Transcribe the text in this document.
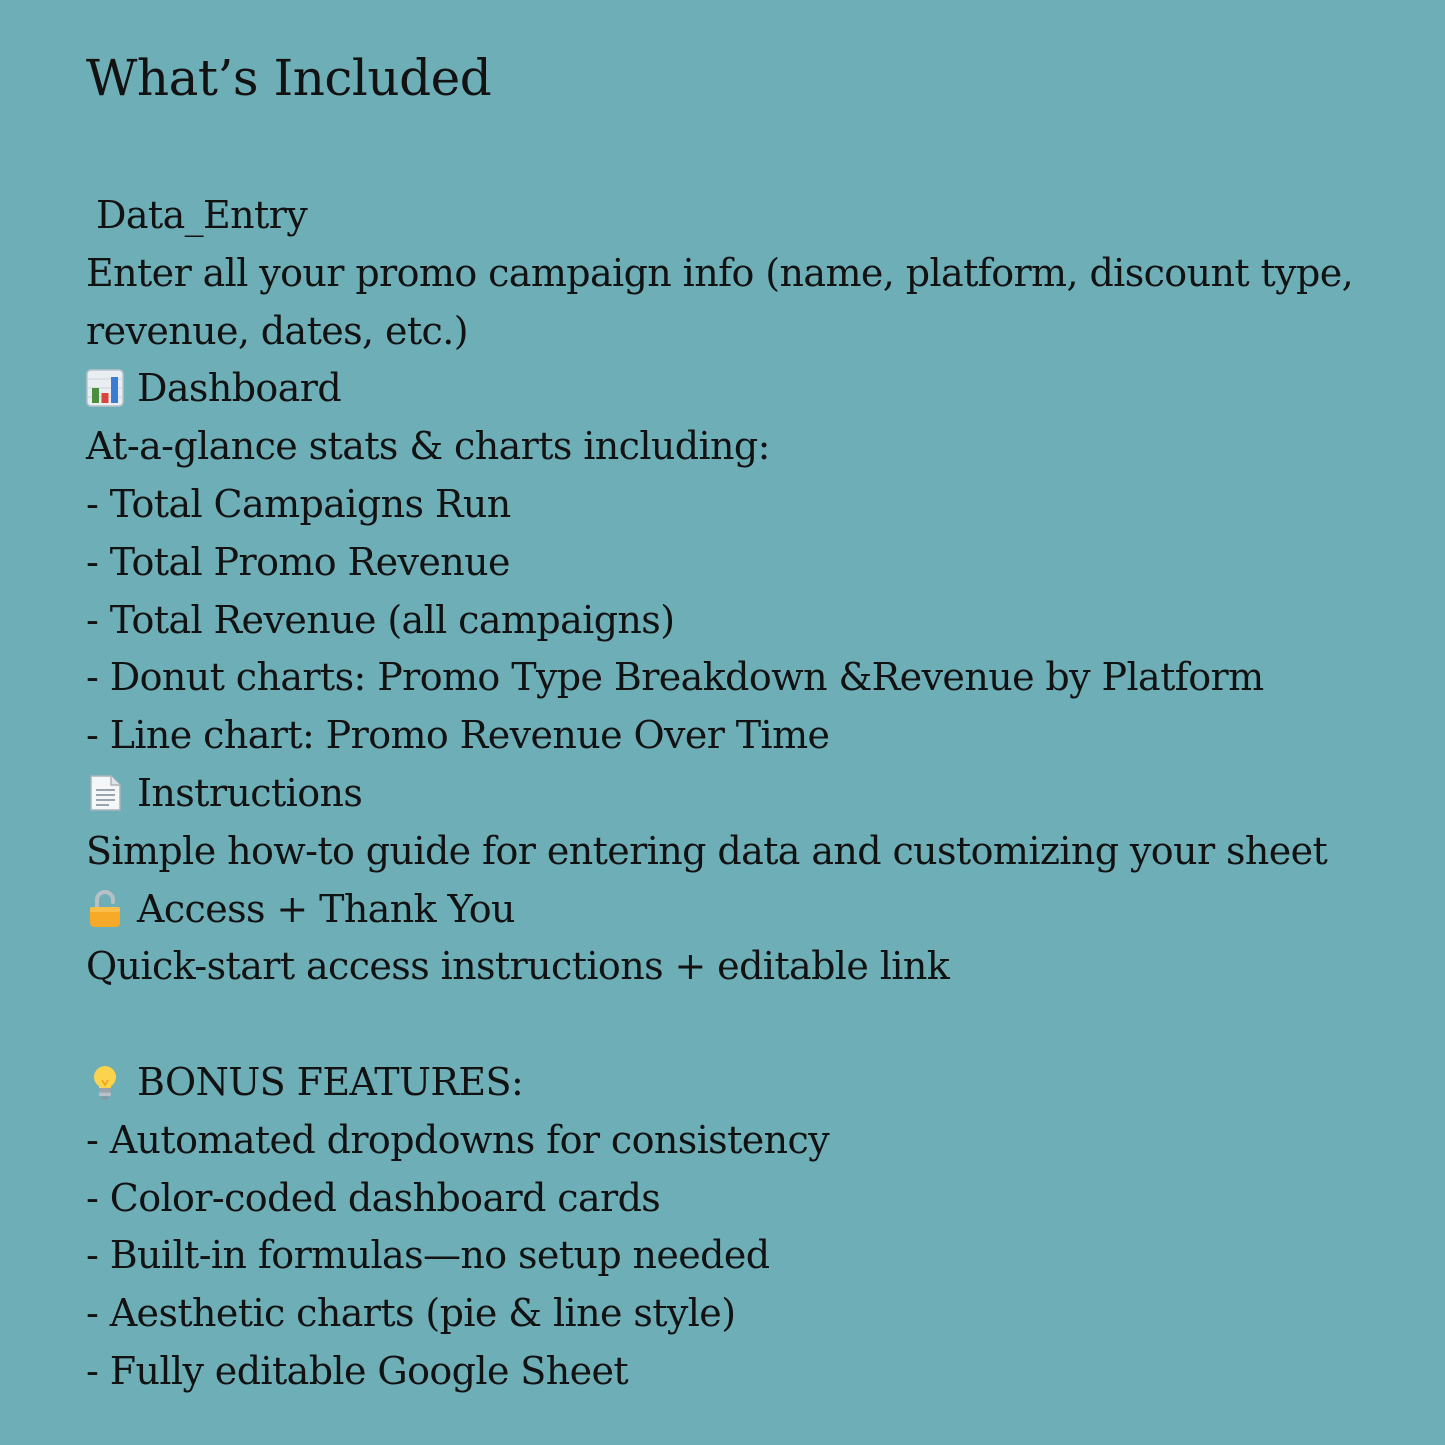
What’s Included
Data_Entry
Enter all your promo campaign info (name, platform, discount type,
revenue, dates, etc.)
Dashboard
At-a-glance stats & charts including:
- Total Campaigns Run
- Total Promo Revenue
- Total Revenue (all campaigns)
- Donut charts: Promo Type Breakdown &Revenue by Platform
- Line chart: Promo Revenue Over Time
Instructions
Simple how-to guide for entering data and customizing your sheet
Access + Thank You
Quick-start access instructions + editable link
BONUS FEATURES:
- Automated dropdowns for consistency
- Color-coded dashboard cards
- Built-in formulas—no setup needed
- Aesthetic charts (pie & line style)
- Fully editable Google Sheet
